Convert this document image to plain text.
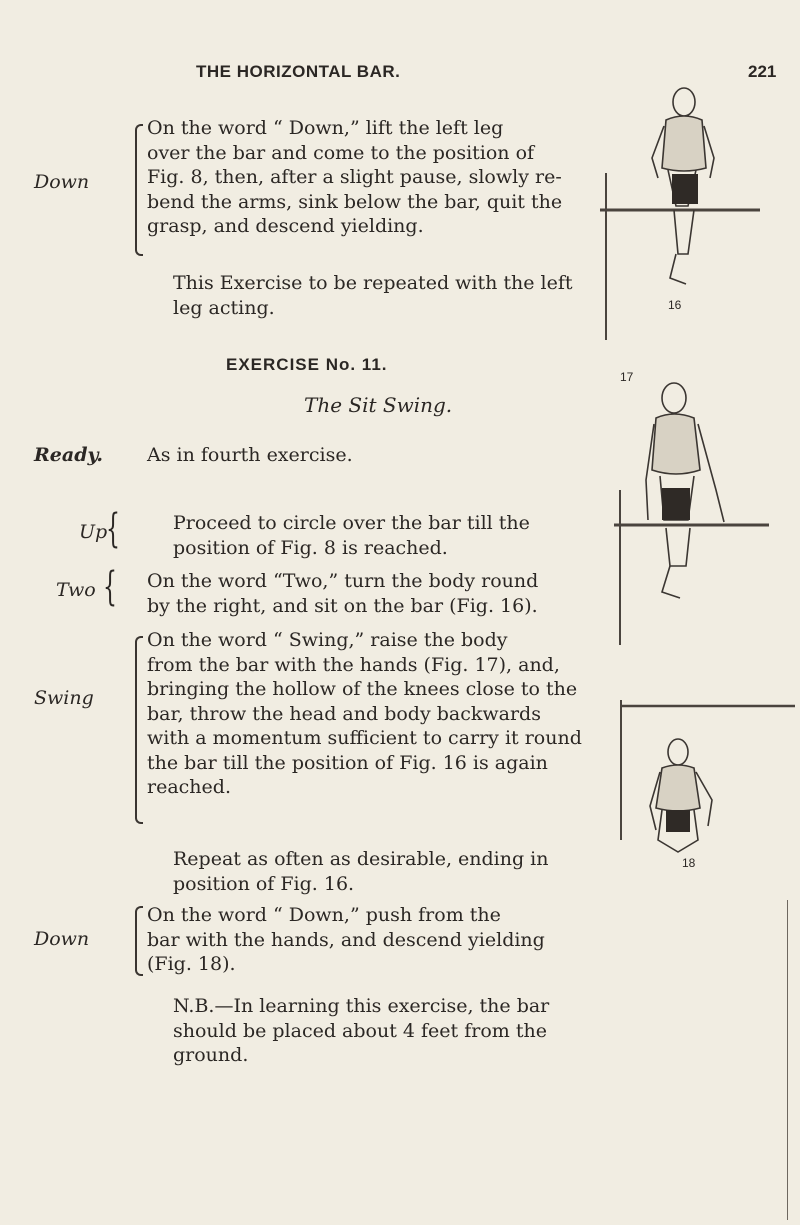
THE HORIZONTAL BAR.	221
Down
On the word “ Down,” lift the left leg
over the bar and come to the position of
Fig. 8, then, after a slight pause, slowly re-
bend the arms, sink below the bar, quit the
grasp, and descend yielding.
This Exercise to be repeated with the left
leg acting.
EXERCISE No. 11.
The Sit Swing.
Ready. As in fourth exercise.
Up
{	Proceed to circle over the bar till the
position of Fig. 8 is reached.
Two { On the word “Two,” turn the body round
by the right, and sit on the bar (Fig. 16).
Swing
On the word “ Swing,” raise the body
from the bar with the hands (Fig. 17), and,
bringing the hollow of the knees close to the
bar, throw the head and body backwards
with a momentum sufficient to carry it round
the bar till the position of Fig. 16 is again
reached.
Repeat as often as desirable, ending in
position of Fig. 16.
Down
On the word “ Down,” push from the
bar with the hands, and descend yielding
(Fig. 18).
N.B.—In learning this exercise, the bar
should be placed about 4 feet from the
ground.
16
17
18
